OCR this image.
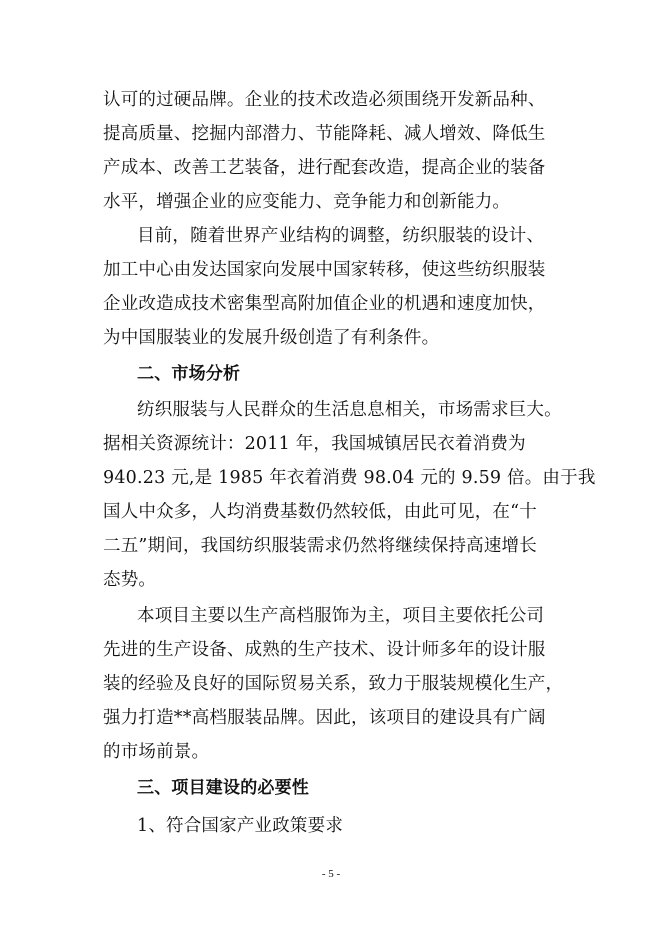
认可的过硬品牌。企业的技术改造必须围绕开发新品种、
提高质量、挖掘内部潜力、节能降耗、减人增效、降低生
产成本、改善工艺装备，进行配套改造，提高企业的装备
水平，增强企业的应变能力、竞争能力和创新能力。
目前，随着世界产业结构的调整，纺织服装的设计、
加工中心由发达国家向发展中国家转移，使这些纺织服装
企业改造成技术密集型高附加值企业的机遇和速度加快，
为中国服装业的发展升级创造了有利条件。
二、市场分析
纺织服装与人民群众的生活息息相关，市场需求巨大。
据相关资源统计：2011 年，我国城镇居民衣着消费为
940.23 元,是 1985 年衣着消费 98.04 元的 9.59 倍。由于我
国人中众多，人均消费基数仍然较低，由此可见，在“十
二五”期间，我国纺织服装需求仍然将继续保持高速增长
态势。
本项目主要以生产高档服饰为主，项目主要依托公司
先进的生产设备、成熟的生产技术、设计师多年的设计服
装的经验及良好的国际贸易关系，致力于服装规模化生产，
强力打造**高档服装品牌。因此，该项目的建设具有广阔
的市场前景。
三、项目建设的必要性
1、符合国家产业政策要求
- 5 -
